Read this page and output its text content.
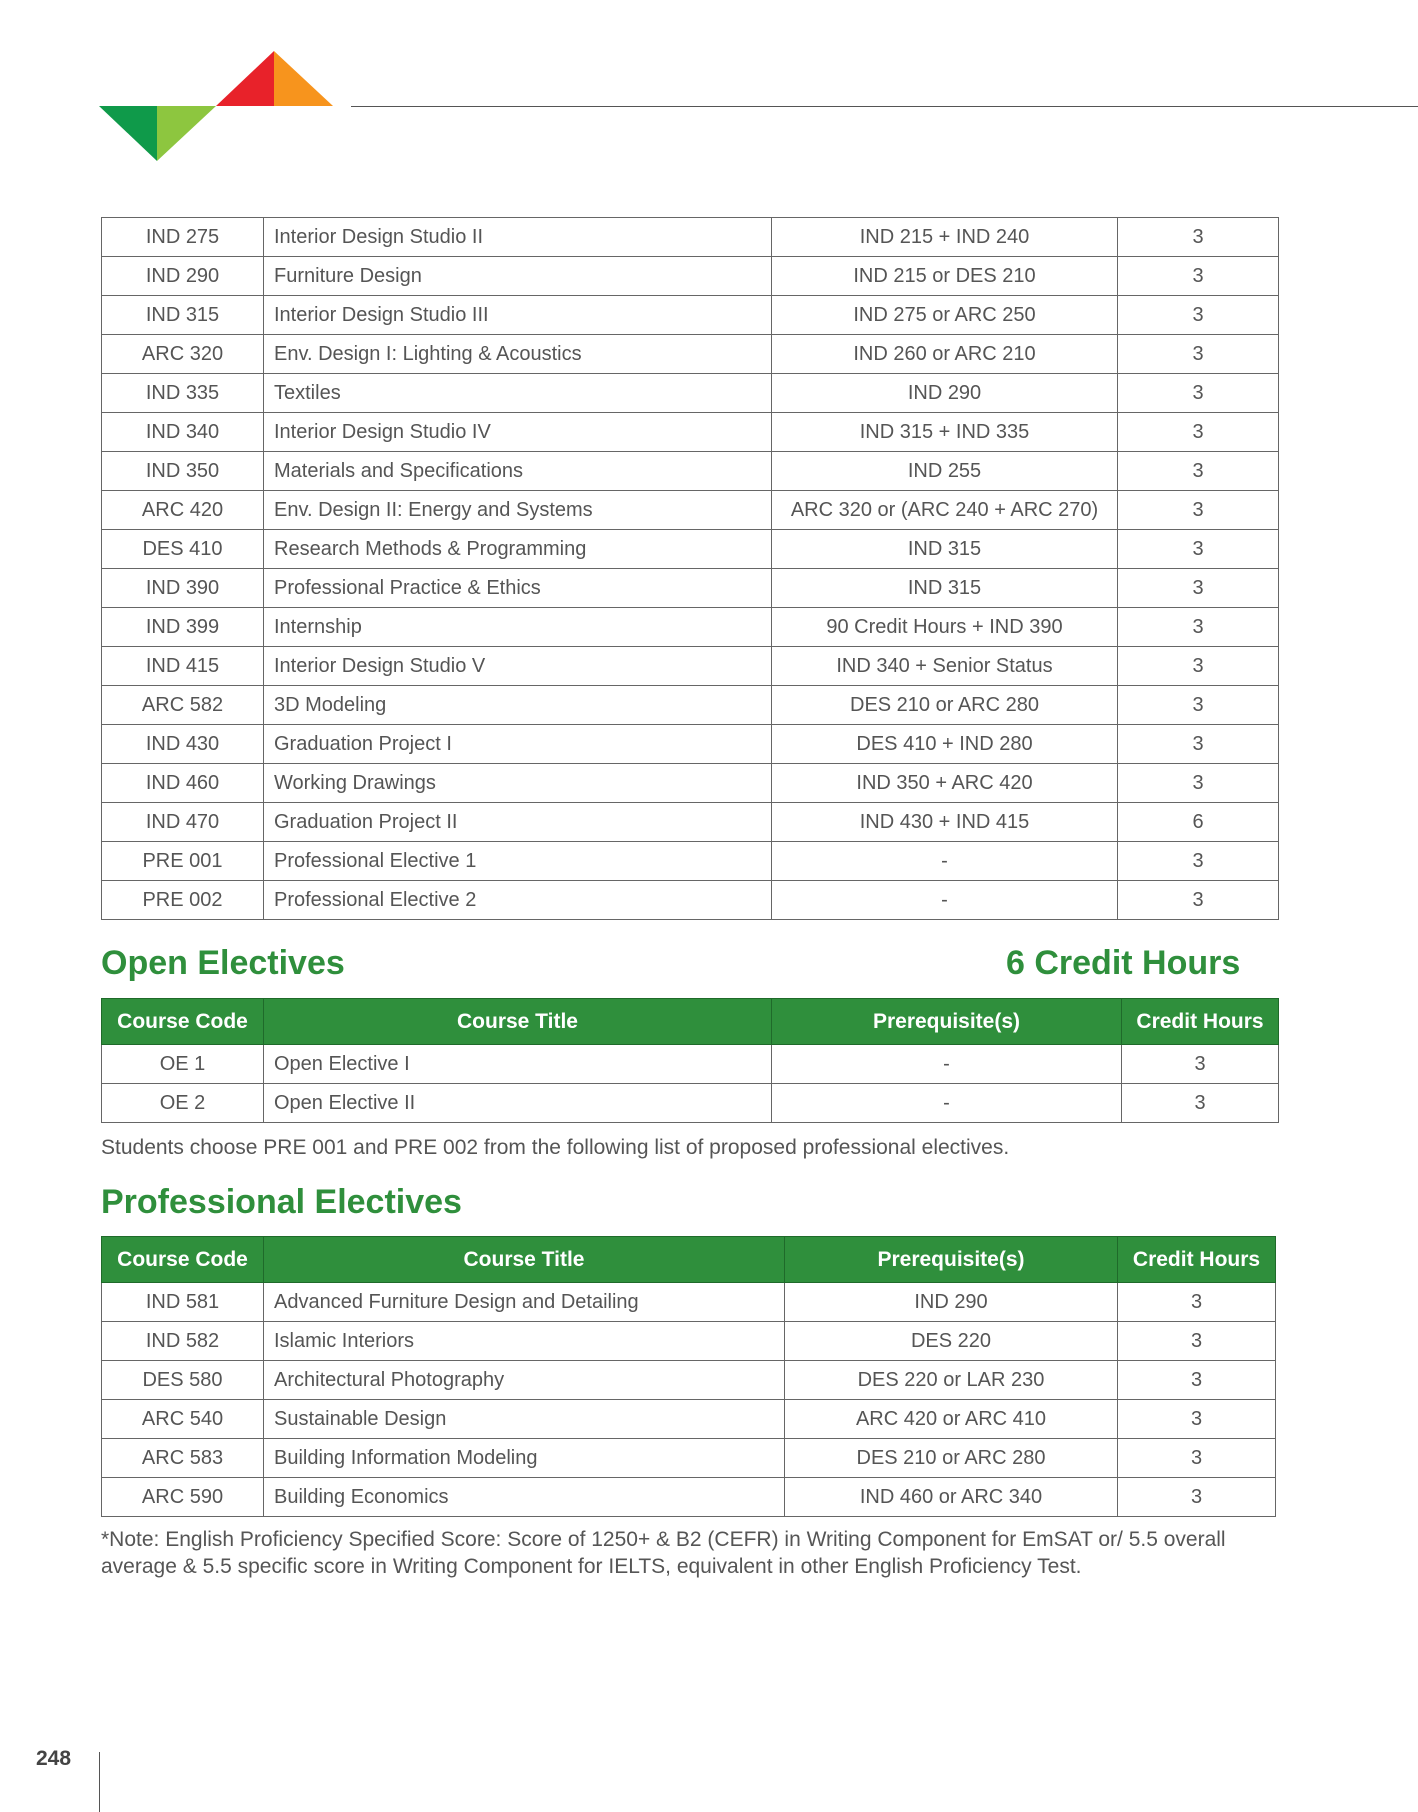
IND 275	Interior Design Studio II	IND 215 + IND 240	3
IND 290	Furniture Design	IND 215 or DES 210	3
IND 315	Interior Design Studio III	IND 275 or ARC 250	3
ARC 320	Env. Design I: Lighting & Acoustics	IND 260 or ARC 210	3
IND 335	Textiles	IND 290	3
IND 340	Interior Design Studio IV	IND 315 + IND 335	3
IND 350	Materials and Specifications	IND 255	3
ARC 420	Env. Design II: Energy and Systems	ARC 320 or (ARC 240 + ARC 270)	3
DES 410	Research Methods & Programming	IND 315	3
IND 390	Professional Practice & Ethics	IND 315	3
IND 399	Internship	90 Credit Hours + IND 390	3
IND 415	Interior Design Studio V	IND 340 + Senior Status	3
ARC 582	3D Modeling	DES 210 or ARC 280	3
IND 430	Graduation Project I	DES 410 + IND 280	3
IND 460	Working Drawings	IND 350 + ARC 420	3
IND 470	Graduation Project II	IND 430 + IND 415	6
PRE 001	Professional Elective 1	-	3
PRE 002	Professional Elective 2	-	3
Open Electives	6 Credit Hours
Course Code	Course Title	Prerequisite(s)	Credit Hours
OE 1	Open Elective I	-	3
OE 2	Open Elective II	-	3

Students choose PRE 001 and PRE 002 from the following list of proposed professional electives.

Professional Electives
Course Code	Course Title	Prerequisite(s)	Credit Hours
IND 581	Advanced Furniture Design and Detailing	IND 290	3
IND 582	Islamic Interiors	DES 220	3
DES 580	Architectural Photography	DES 220 or LAR 230	3
ARC 540	Sustainable Design	ARC 420 or ARC 410	3
ARC 583	Building Information Modeling	DES 210 or ARC 280	3
ARC 590	Building Economics	IND 460 or ARC 340	3

*Note: English Proficiency Specified Score: Score of 1250+ & B2 (CEFR) in Writing Component for EmSAT or/ 5.5 overall average & 5.5 specific score in Writing Component for IELTS, equivalent in other English Proficiency Test.

248
